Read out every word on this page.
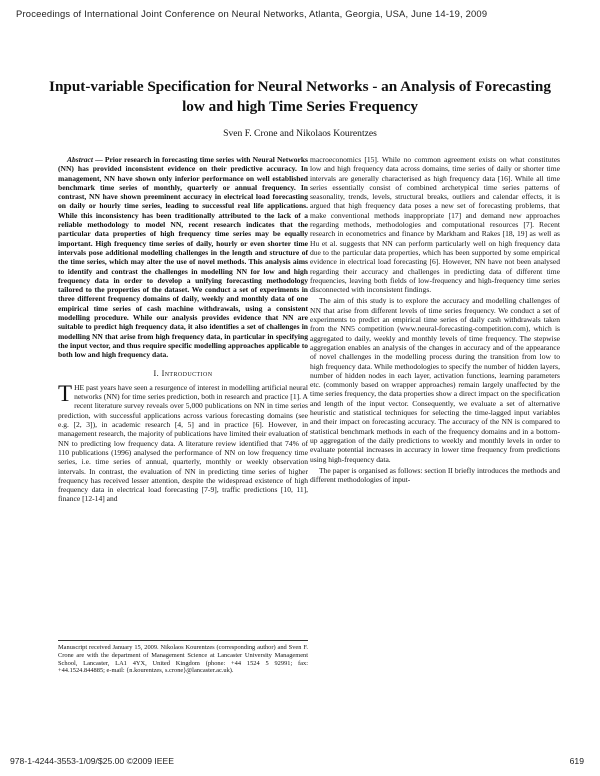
Proceedings of International Joint Conference on Neural Networks, Atlanta, Georgia, USA, June 14-19, 2009
Input-variable Specification for Neural Networks - an Analysis of Forecasting low and high Time Series Frequency
Sven F. Crone and Nikolaos Kourentzes

Abstract — Prior research in forecasting time series with Neural Networks (NN) has provided inconsistent evidence on their predictive accuracy. In management, NN have shown only inferior performance on well established benchmark time series of monthly, quarterly or annual frequency. In contrast, NN have shown preeminent accuracy in electrical load forecasting on daily or hourly time series, leading to successful real life applications. While this inconsistency has been traditionally attributed to the lack of a reliable methodology to model NN, recent research indicates that the particular data properties of high frequency time series may be equally important. High frequency time series of daily, hourly or even shorter time intervals pose additional modelling challenges in the length and structure of the time series, which may alter the use of novel methods. This analysis aims to identify and contrast the challenges in modelling NN for low and high frequency data in order to develop a unifying forecasting methodology tailored to the properties of the dataset. We conduct a set of experiments in three different frequency domains of daily, weekly and monthly data of one empirical time series of cash machine withdrawals, using a consistent modelling procedure. While our analysis provides evidence that NN are suitable to predict high frequency data, it also identifies a set of challenges in modelling NN that arise from high frequency data, in particular in specifying the input vector, and thus require specific modelling approaches applicable to both low and high frequency data.

I. Introduction

THE past years have seen a resurgence of interest in modelling artificial neural networks (NN) for time series prediction, both in research and practice [1]. A recent literature survey reveals over 5,000 publications on NN in time series prediction, with successful applications across various forecasting domains (see e.g. [2, 3]), in academic research [4, 5] and in practice [6]. However, in management research, the majority of publications have limited their evaluation of NN to predicting low frequency data. A literature review identified that 74% of 110 publications (1996) analysed the performance of NN on low frequency time series, i.e. time series of annual, quarterly, monthly or weekly observation intervals. In contrast, the evaluation of NN in predicting time series of higher frequency has received lesser attention, despite the widespread existence of high frequency data in electrical load forecasting [7-9], traffic predictions [10, 11], finance [12-14] and

macroeconomics [15]. While no common agreement exists on what constitutes low and high frequency data across domains, time series of daily or shorter time intervals are generally characterised as high frequency data [16]. While all time series essentially consist of combined archetypical time series patterns of seasonality, trends, levels, structural breaks, outliers and calendar effects, it is argued that high frequency data poses a new set of forecasting problems, that make conventional methods inappropriate [17] and demand new approaches regarding methods, methodologies and computational resources [7]. Recent research in econometrics and finance by Markham and Rakes [18, 19] as well as Hu et al. suggests that NN can perform particularly well on high frequency data due to the particular data properties, which has been supported by some empirical evidence in electrical load forecasting [6]. However, NN have not been analysed regarding their accuracy and challenges in predicting data of different time frequencies, leaving both fields of low-frequency and high-frequency time series disconnected with inconsistent findings.

The aim of this study is to explore the accuracy and modelling challenges of NN that arise from different levels of time series frequency. We conduct a set of experiments to predict an empirical time series of daily cash withdrawals taken from the NN5 competition (www.neural-forecasting-competition.com), which is aggregated to daily, weekly and monthly levels of time frequency. The stepwise aggregation enables an analysis of the changes in accuracy and of the appearance of novel challenges in the modelling process during the transition from low to high frequency data. While methodologies to specify the number of hidden layers, number of hidden nodes in each layer, activation functions, learning parameters etc. (commonly based on wrapper approaches) remain largely unaffected by the time series frequency, the data properties show a direct impact on the specification and length of the input vector. Consequently, we evaluate a set of alternative heuristic and statistical techniques for selecting the time-lagged input variables and their impact on forecasting accuracy. The accuracy of the NN is compared to statistical benchmark methods in each of the frequency domains and in a bottom-up aggregation of the daily predictions to weekly and monthly levels in order to evaluate potential increases in accuracy in lower time frequency from predictions using high-frequency data.

The paper is organised as follows: section II briefly introduces the methods and different methodologies of input-

Manuscript received January 15, 2009. Nikolaos Kourentzes (corresponding author) and Sven F. Crone are with the department of Management Science at Lancaster University Management School, Lancaster, LA1 4YX, United Kingdom (phone: +44 1524 5 92991; fax: +44.1524.844885; e-mail: {n.kourentzes, s.crone}@lancaster.ac.uk).
978-1-4244-3553-1/09/$25.00 ©2009 IEEE	619
